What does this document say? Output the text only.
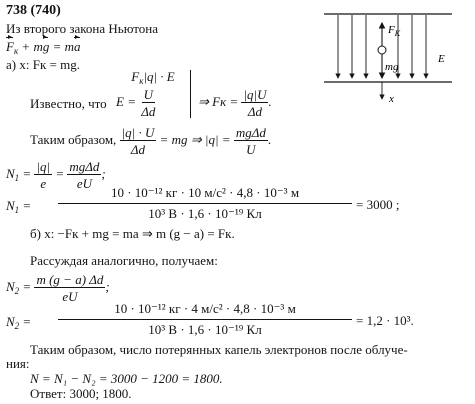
738 (740)
Из второго закона Ньютона
$F_к$ + mg = ma
а) x: Fк = mg.
$F_К$
mg
x
E
Известно, что
$F_к|q| \cdot E$
$E = \frac{U}{\Delta d}$	⇒ Fк = $\frac{|q|U}{\Delta d}$ .
Таким образом, $\frac{|q| \cdot U}{\Delta d}$ = mg ⇒ $|q| = \frac{\text{mgΔd}}{U}$ .
$N_1 = \frac{|q|}{e} = \frac{\text{mgΔd}}{eU}$ ;
$N_1$ =
10 · 10⁻¹² кг · 10 м/с² · 4,8 · 10⁻³ м
10³ В · 1,6 · 10⁻¹⁹ Кл
= 3000 ;
б) x: −Fк + mg = ma ⇒ m (g − a) = Fк.
Рассуждая аналогично, получаем:
$N_2 = \frac{m (g - a) \Delta d}{eU}$ ;
$N_2$ =
10 · 10⁻¹² кг · 4 м/с² · 4,8 · 10⁻³ м
10³ В · 1,6 · 10⁻¹⁹ Кл
= 1,2 · 10³.
Таким образом, число потерянных капель электронов после облуче-
ния:
N = N₁ − N₂ = 3000 − 1200 = 1800.
Ответ: 3000; 1800.
